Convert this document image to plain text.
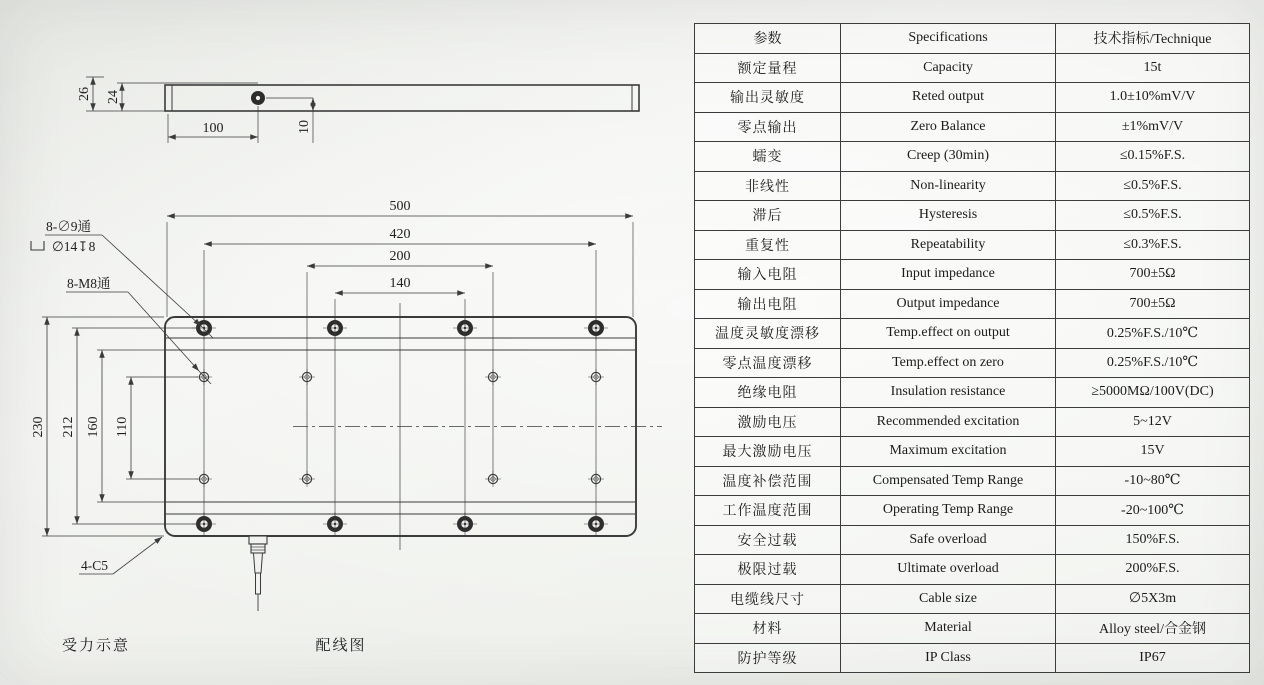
26 24
100	10
500
420
200
140
230 212 160 110
8-∅9通
∅14↧8
8-M8通
4-C5
受力示意	配线图
参数	Specifications	技术指标/Technique
额定量程	Capacity	15t
输出灵敏度	Reted output	1.0±10%mV/V
零点输出	Zero Balance	±1%mV/V
蠕变	Creep (30min)	≤0.15%F.S.
非线性	Non-linearity	≤0.5%F.S.
滞后	Hysteresis	≤0.5%F.S.
重复性	Repeatability	≤0.3%F.S.
输入电阻	Input impedance	700±5Ω
输出电阻	Output impedance	700±5Ω
温度灵敏度漂移	Temp.effect on output	0.25%F.S./10℃
零点温度漂移	Temp.effect on zero	0.25%F.S./10℃
绝缘电阻	Insulation resistance	≥5000MΩ/100V(DC)
激励电压	Recommended excitation	5~12V
最大激励电压	Maximum excitation	15V
温度补偿范围	Compensated Temp Range	-10~80℃
工作温度范围	Operating Temp Range	-20~100℃
安全过载	Safe overload	150%F.S.
极限过载	Ultimate overload	200%F.S.
电缆线尺寸	Cable size	∅5X3m
材料	Material	Alloy steel/合金钢
防护等级	IP Class	IP67
